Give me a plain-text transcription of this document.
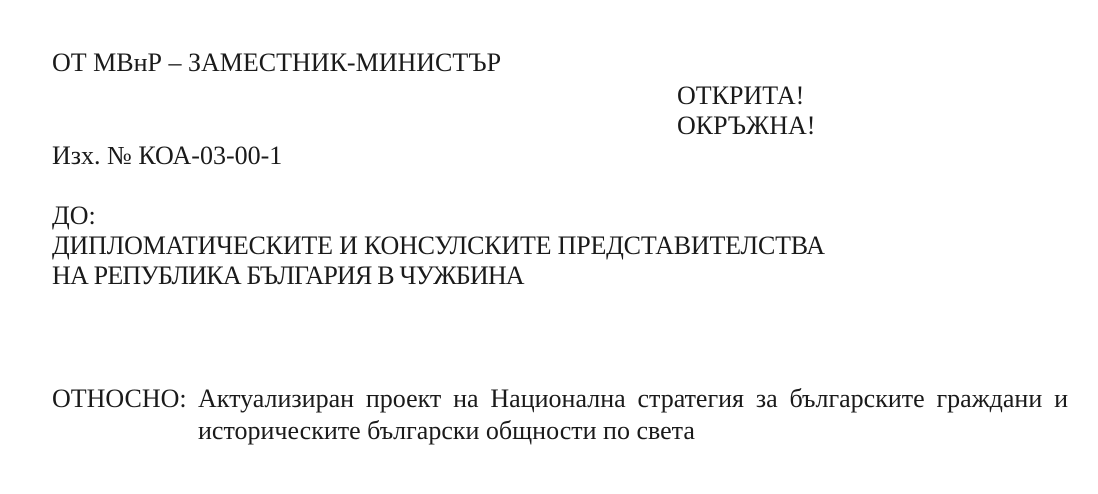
ОТ МВнР – ЗАМЕСТНИК-МИНИСТЪР
ОТКРИТА!
ОКРЪЖНА!
Изх. № КОА-03-00-1
ДО:
ДИПЛОМАТИЧЕСКИТЕ И КОНСУЛСКИТЕ ПРЕДСТАВИТЕЛСТВА
НА РЕПУБЛИКА БЪЛГАРИЯ В ЧУЖБИНА
ОТНОСНО: Актуализиран проект на Национална стратегия за българските граждани и
историческите български общности по света
